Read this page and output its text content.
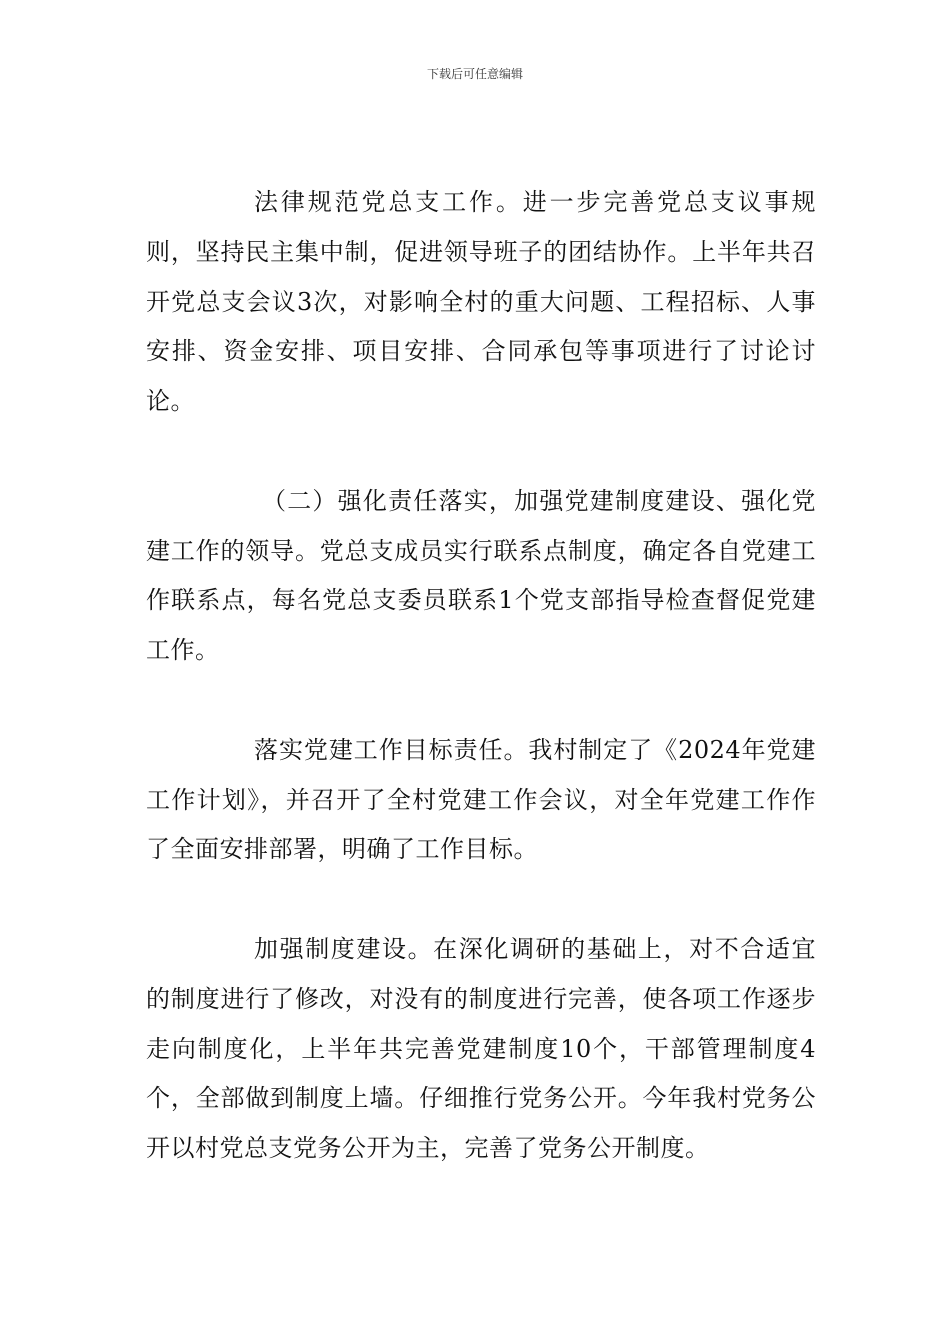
下载后可任意编辑

法律规范党总支工作。进一步完善党总支议事规则，坚持民主集中制，促进领导班子的团结协作。上半年共召开党总支会议3次，对影响全村的重大问题、工程招标、人事安排、资金安排、项目安排、合同承包等事项进行了讨论讨论。

（二）强化责任落实，加强党建制度建设、强化党建工作的领导。党总支成员实行联系点制度，确定各自党建工作联系点，每名党总支委员联系1个党支部指导检查督促党建工作。

落实党建工作目标责任。我村制定了《2024年党建工作计划》，并召开了全村党建工作会议，对全年党建工作作了全面安排部署，明确了工作目标。

加强制度建设。在深化调研的基础上，对不合适宜的制度进行了修改，对没有的制度进行完善，使各项工作逐步走向制度化，上半年共完善党建制度10个，干部管理制度4个，全部做到制度上墙。仔细推行党务公开。今年我村党务公开以村党总支党务公开为主，完善了党务公开制度。
